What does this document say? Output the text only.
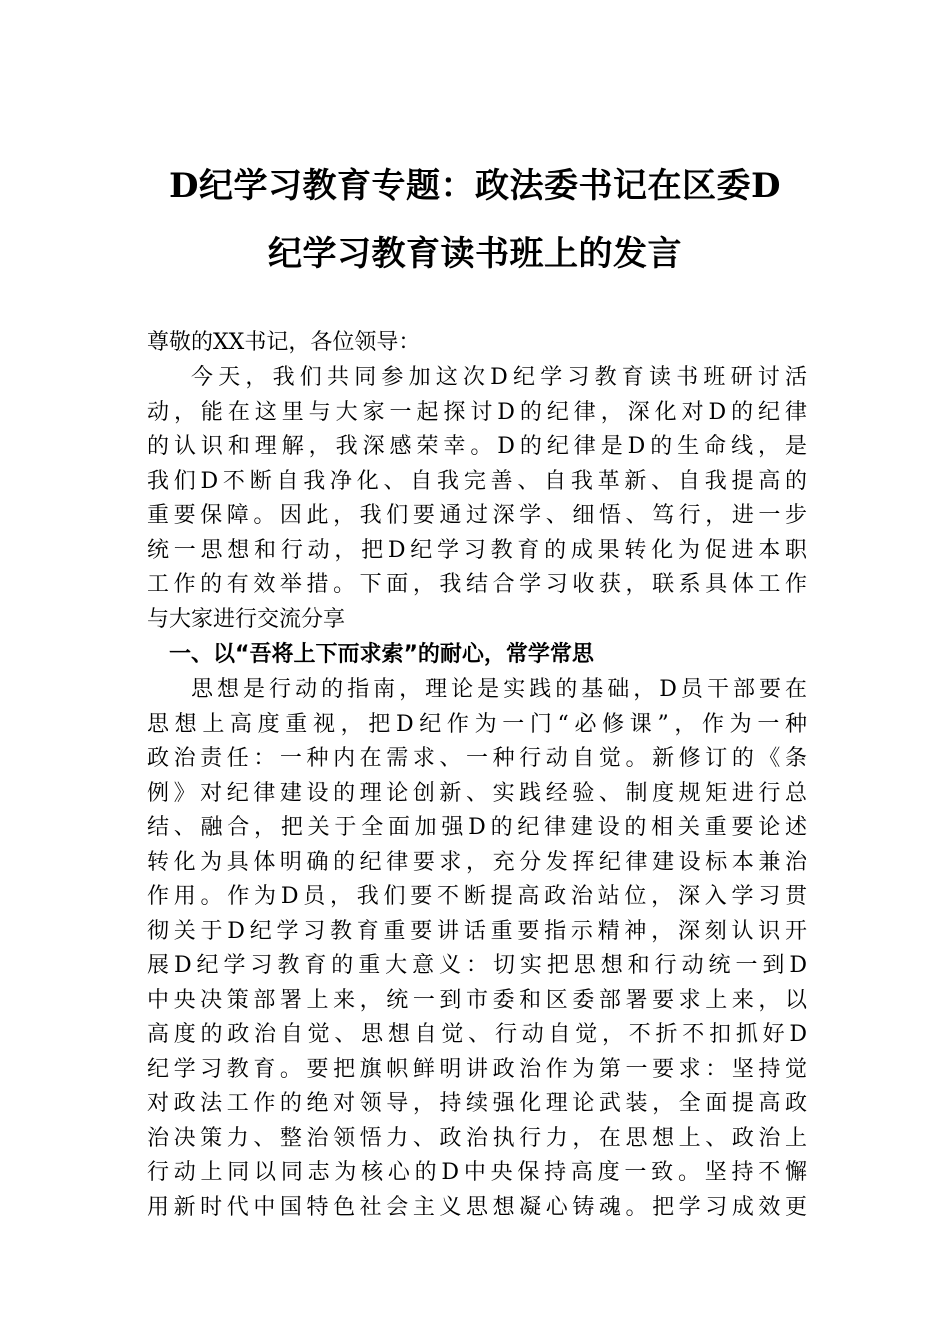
D纪学习教育专题：政法委书记在区委D
纪学习教育读书班上的发言
尊敬的XX书记，各位领导：
今天，我们共同参加这次D纪学习教育读书班研讨活
动，能在这里与大家一起探讨D的纪律，深化对D的纪律
的认识和理解，我深感荣幸。D的纪律是D的生命线，是
我们D不断自我净化、自我完善、自我革新、自我提高的
重要保障。因此，我们要通过深学、细悟、笃行，进一步
统一思想和行动，把D纪学习教育的成果转化为促进本职
工作的有效举措。下面，我结合学习收获，联系具体工作
与大家进行交流分享
一、以“吾将上下而求索”的耐心，常学常思
思想是行动的指南，理论是实践的基础，D员干部要在
思想上高度重视，把D纪作为一门“必修课”，作为一种
政治责任：一种内在需求、一种行动自觉。新修订的《条
例》对纪律建设的理论创新、实践经验、制度规矩进行总
结、融合，把关于全面加强D的纪律建设的相关重要论述
转化为具体明确的纪律要求，充分发挥纪律建设标本兼治
作用。作为D员，我们要不断提高政治站位，深入学习贯
彻关于D纪学习教育重要讲话重要指示精神，深刻认识开
展D纪学习教育的重大意义：切实把思想和行动统一到D
中央决策部署上来，统一到市委和区委部署要求上来，以
高度的政治自觉、思想自觉、行动自觉，不折不扣抓好D
纪学习教育。要把旗帜鲜明讲政治作为第一要求：坚持觉
对政法工作的绝对领导，持续强化理论武装，全面提高政
治决策力、整治领悟力、政治执行力，在思想上、政治上
行动上同以同志为核心的D中央保持高度一致。坚持不懈
用新时代中国特色社会主义思想凝心铸魂。把学习成效更
